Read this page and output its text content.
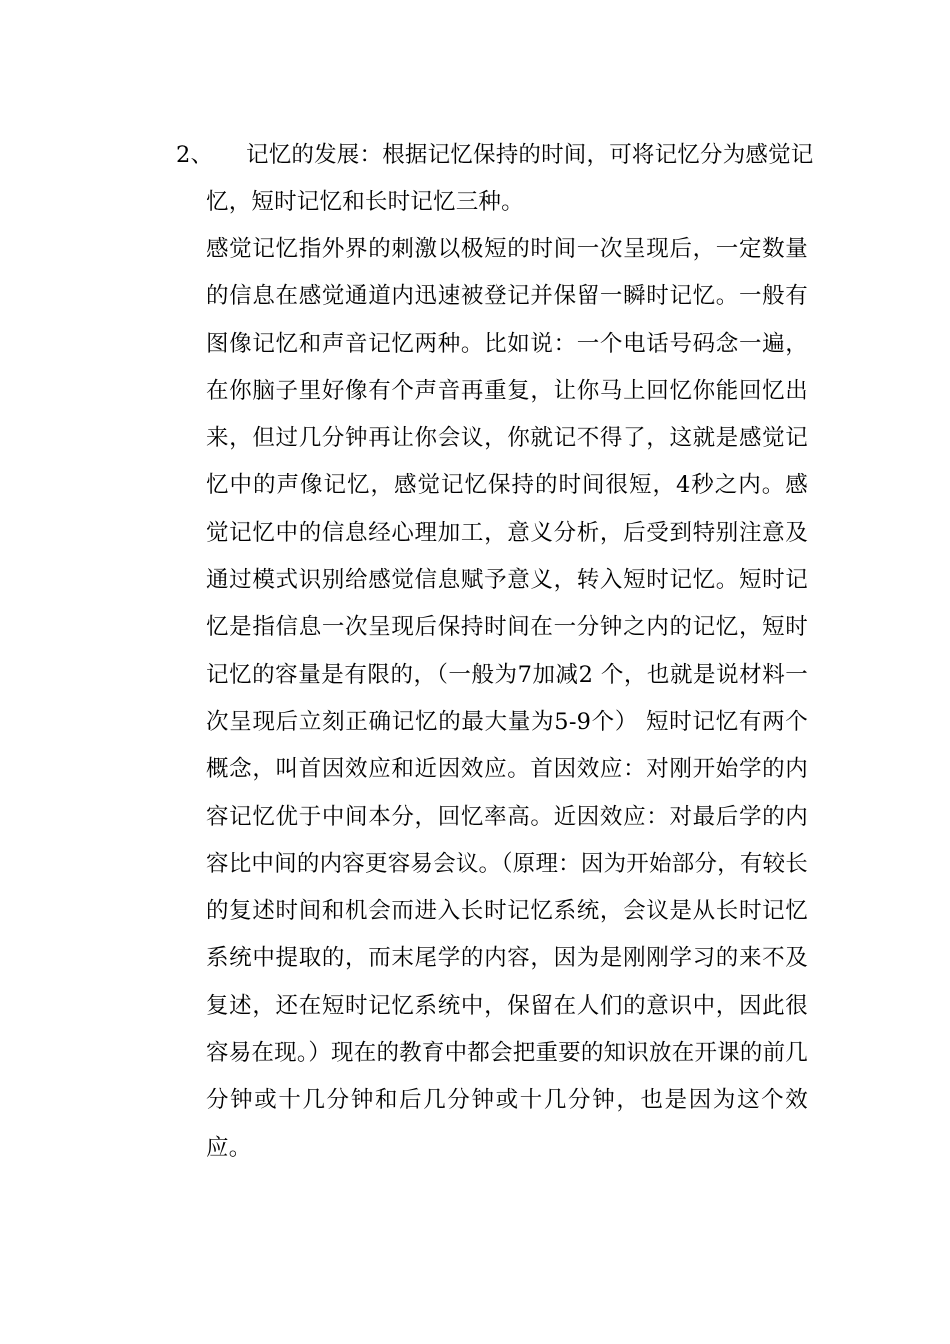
2、	记忆的发展：根据记忆保持的时间，可将记忆分为感觉记忆，短时记忆和长时记忆三种。

感觉记忆指外界的刺激以极短的时间一次呈现后，一定数量的信息在感觉通道内迅速被登记并保留一瞬时记忆。一般有图像记忆和声音记忆两种。比如说：一个电话号码念一遍，在你脑子里好像有个声音再重复，让你马上回忆你能回忆出来，但过几分钟再让你会议，你就记不得了，这就是感觉记忆中的声像记忆，感觉记忆保持的时间很短，4秒之内。感觉记忆中的信息经心理加工，意义分析，后受到特别注意及通过模式识别给感觉信息赋予意义，转入短时记忆。短时记忆是指信息一次呈现后保持时间在一分钟之内的记忆，短时记忆的容量是有限的，（一般为7加减2 个，也就是说材料一次呈现后立刻正确记忆的最大量为5-9个） 短时记忆有两个概念，叫首因效应和近因效应。首因效应：对刚开始学的内容记忆优于中间本分，回忆率高。近因效应：对最后学的内容比中间的内容更容易会议。（原理：因为开始部分，有较长的复述时间和机会而进入长时记忆系统，会议是从长时记忆系统中提取的，而末尾学的内容，因为是刚刚学习的来不及复述，还在短时记忆系统中，保留在人们的意识中，因此很容易在现。）现在的教育中都会把重要的知识放在开课的前几分钟或十几分钟和后几分钟或十几分钟，也是因为这个效应。
